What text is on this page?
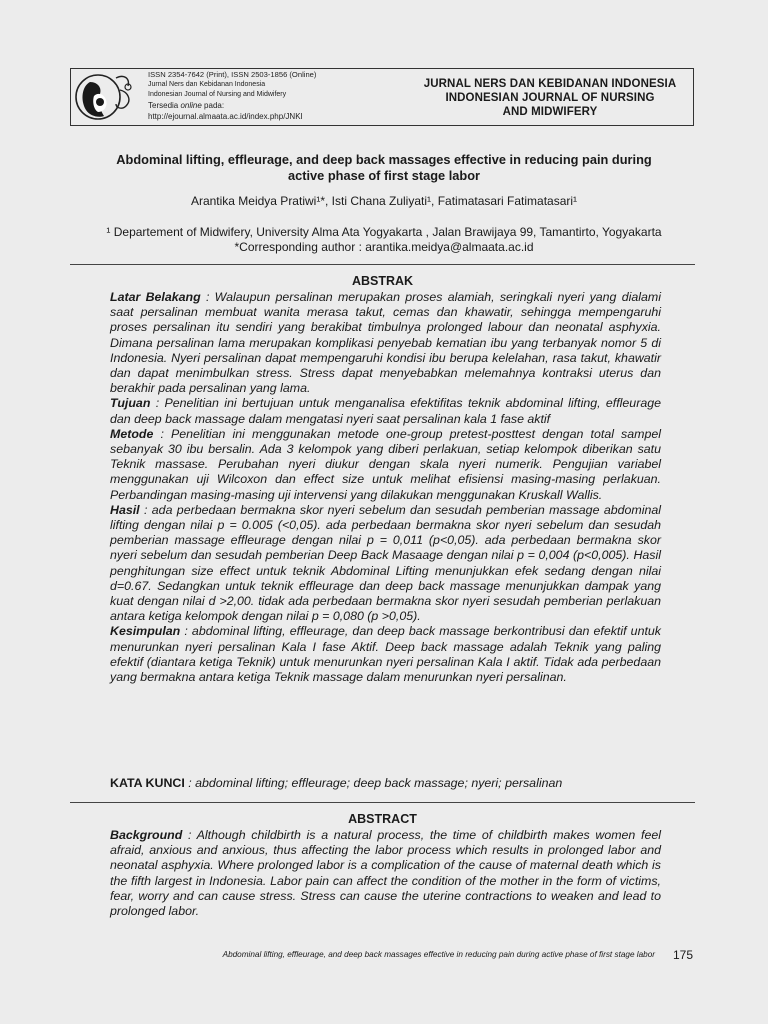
ISSN 2354-7642 (Print), ISSN 2503-1856 (Online)
Jurnal Ners dan Kebidanan Indonesia
Indonesian Journal of Nursing and Midwifery
Tersedia online pada:
http://ejournal.almaata.ac.id/index.php/JNKI
JURNAL NERS DAN KEBIDANAN INDONESIA
INDONESIAN JOURNAL OF NURSING
AND MIDWIFERY
Abdominal lifting, effleurage, and deep back massages effective in reducing pain during
active phase of first stage labor
Arantika Meidya Pratiwi¹*, Isti Chana Zuliyati¹, Fatimatasari Fatimatasari¹
¹ Departement of Midwifery, University Alma Ata Yogyakarta , Jalan Brawijaya 99, Tamantirto, Yogyakarta
*Corresponding author : arantika.meidya@almaata.ac.id
ABSTRAK

Latar Belakang : Walaupun persalinan merupakan proses alamiah, seringkali nyeri yang dialami saat persalinan membuat wanita merasa takut, cemas dan khawatir, sehingga mempengaruhi proses persalinan itu sendiri yang berakibat timbulnya prolonged labour dan neonatal asphyxia. Dimana persalinan lama merupakan komplikasi penyebab kematian ibu yang terbanyak nomor 5 di Indonesia. Nyeri persalinan dapat mempengaruhi kondisi ibu berupa kelelahan, rasa takut, khawatir dan dapat menimbulkan stress. Stress dapat menyebabkan melemahnya kontraksi uterus dan berakhir pada persalinan yang lama.

Tujuan : Penelitian ini bertujuan untuk menganalisa efektifitas teknik abdominal lifting, effleurage dan deep back massage dalam mengatasi nyeri saat persalinan kala 1 fase aktif

Metode : Penelitian ini menggunakan metode one-group pretest-posttest dengan total sampel sebanyak 30 ibu bersalin. Ada 3 kelompok yang diberi perlakuan, setiap kelompok diberikan satu Teknik massase. Perubahan nyeri diukur dengan skala nyeri numerik. Pengujian variabel menggunakan uji Wilcoxon dan effect size untuk melihat efisiensi masing-masing perlakuan. Perbandingan masing-masing uji intervensi yang dilakukan menggunakan Kruskall Wallis.

Hasil : ada perbedaan bermakna skor nyeri sebelum dan sesudah pemberian massage abdominal lifting dengan nilai p = 0.005 (<0,05). ada perbedaan bermakna skor nyeri sebelum dan sesudah pemberian massage effleurage dengan nilai p = 0,011 (p<0,05). ada perbedaan bermakna skor nyeri sebelum dan sesudah pemberian Deep Back Masaage dengan nilai p = 0,004 (p<0,005). Hasil penghitungan size effect untuk teknik Abdominal Lifting menunjukkan efek sedang dengan nilai d=0.67. Sedangkan untuk teknik effleurage dan deep back massage menunjukkan dampak yang kuat dengan nilai d >2,00. tidak ada perbedaan bermakna skor nyeri sesudah pemberian perlakuan antara ketiga kelompok dengan nilai p = 0,080 (p >0,05).

Kesimpulan : abdominal lifting, effleurage, dan deep back massage berkontribusi dan efektif untuk menurunkan nyeri persalinan Kala I fase Aktif. Deep back massage adalah Teknik yang paling efektif (diantara ketiga Teknik) untuk menurunkan nyeri persalinan Kala I aktif. Tidak ada perbedaan yang bermakna antara ketiga Teknik massage dalam menurunkan nyeri persalinan.

KATA KUNCI : abdominal lifting; effleurage; deep back massage; nyeri; persalinan
ABSTRACT

Background : Although childbirth is a natural process, the time of childbirth makes women feel afraid, anxious and anxious, thus affecting the labor process which results in prolonged labor and neonatal asphyxia. Where prolonged labor is a complication of the cause of maternal death which is the fifth largest in Indonesia. Labor pain can affect the condition of the mother in the form of victims, fear, worry and can cause stress. Stress can cause the uterine contractions to weaken and lead to prolonged labor.

Abdominal lifting, effleurage, and deep back massages effective in reducing pain during active phase of first stage labor	175
